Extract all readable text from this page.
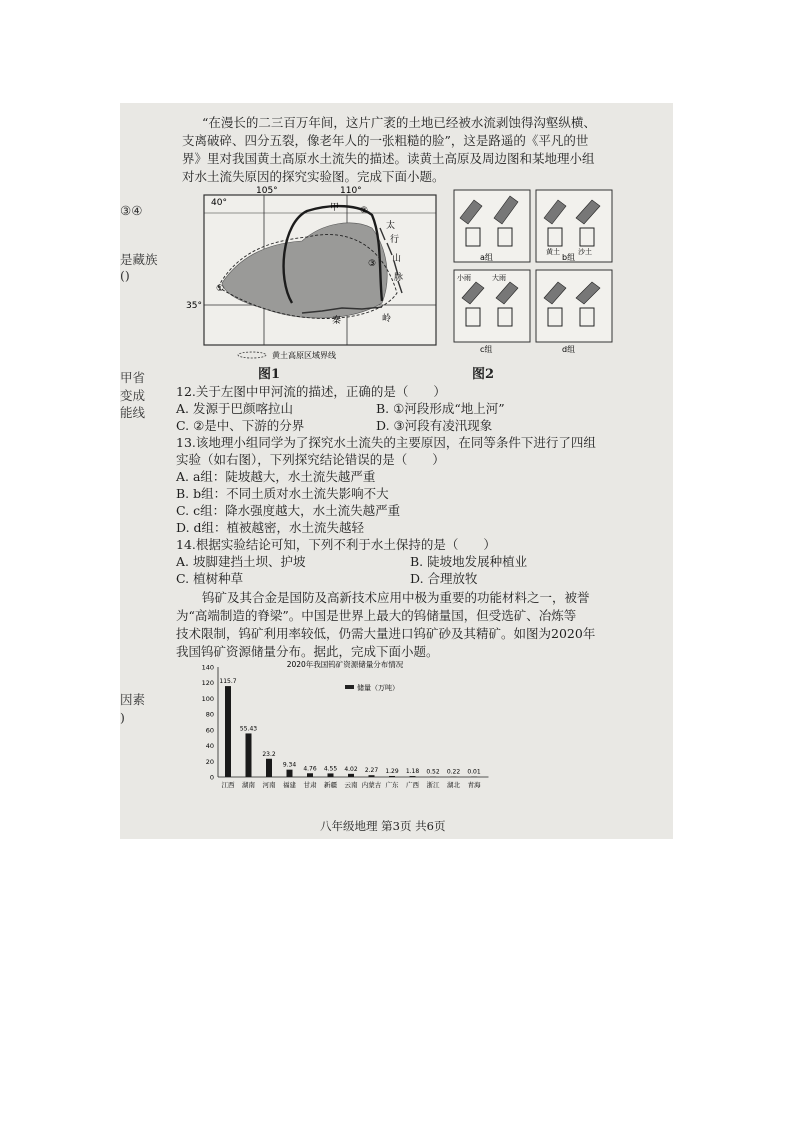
③④
是藏族
()
甲省
变成
能线
因素
)
“在漫长的二三百万年间，这片广袤的土地已经被水流剥蚀得沟壑纵横、
支离破碎、四分五裂，像老年人的一张粗糙的脸”，这是路遥的《平凡的世
界》里对我国黄土高原水土流失的描述。读黄土高原及周边图和某地理小组
对水土流失原因的探究实验图。完成下面小题。
40°
35°
105°	110°
甲 ②
①
③
太
行
山
脉
秦	岭
黄土高原区域界线
图1
a组	b组
c组	d组
黄土	沙土
小雨	大雨
图2
12.关于左图中甲河流的描述，正确的是（　　）
A. 发源于巴颜喀拉山	B. ①河段形成“地上河”
C. ②是中、下游的分界	D. ③河段有凌汛现象
13.该地理小组同学为了探究水土流失的主要原因，在同等条件下进行了四组
实验（如右图），下列探究结论错误的是（　　）
A. a组：陡坡越大，水土流失越严重
B. b组：不同土质对水土流失影响不大
C. c组：降水强度越大，水土流失越严重
D. d组：植被越密，水土流失越轻
14.根据实验结论可知，下列不利于水土保持的是（　　）
A. 坡脚建挡土坝、护坡	B. 陡坡地发展种植业
C. 植树种草	D. 合理放牧
钨矿及其合金是国防及高新技术应用中极为重要的功能材料之一，被誉
为“高端制造的脊梁”。中国是世界上最大的钨储量国，但受选矿、冶炼等
技术限制，钨矿利用率较低，仍需大量进口钨矿砂及其精矿。如图为2020年
我国钨矿资源储量分布。据此，完成下面小题。
2020年我国钨矿资源储量分布情况
储量（万吨）
0
20
40
60
80
100
120
140
115.7
55.43
23.2
9.34
4.76 4.55 4.02 2.27 1.29 1.18 0.52 0.22 0.01
江西 湖南 河南 福建 甘肃 新疆 云南 内蒙古 广东 广西 浙江 湖北 青海
八年级地理 第3页 共6页
